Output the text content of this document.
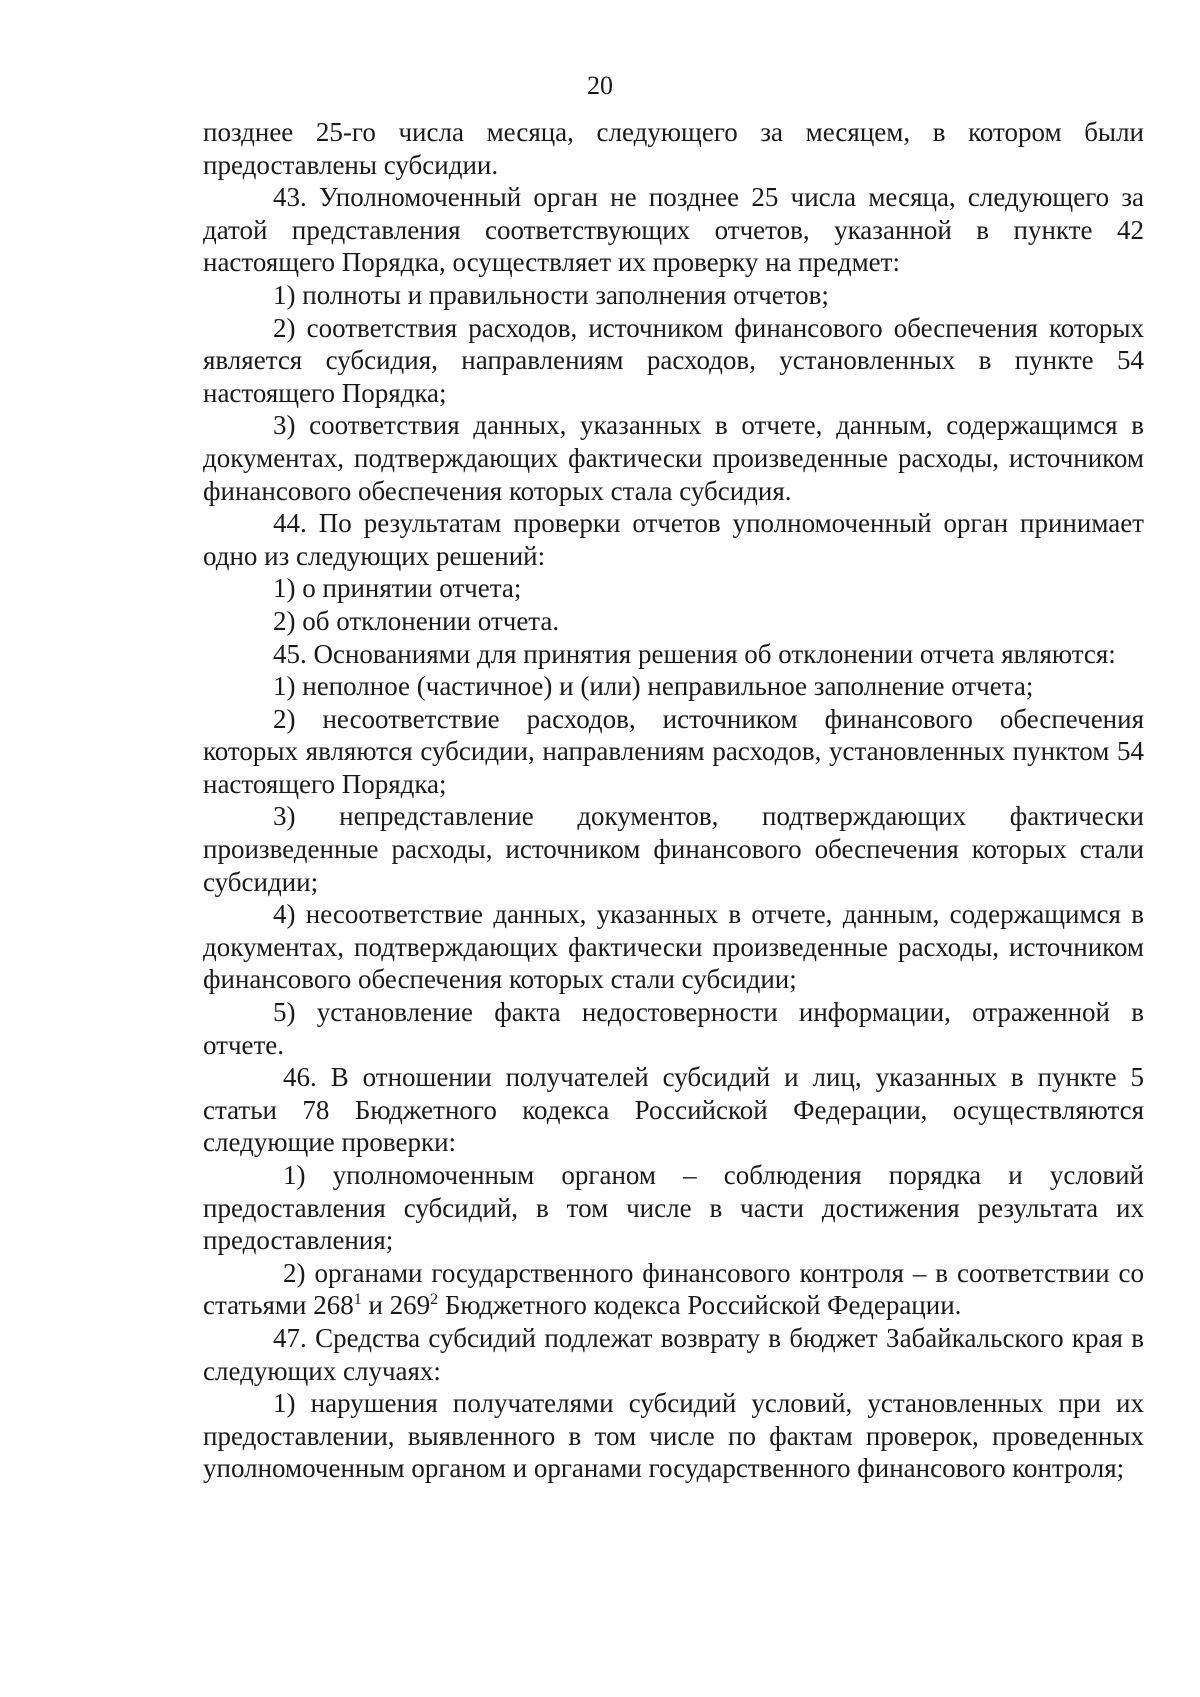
20

позднее 25-го числа месяца, следующего за месяцем, в котором были предоставлены субсидии.

43. Уполномоченный орган не позднее 25 числа месяца, следующего за датой представления соответствующих отчетов, указанной в пункте 42 настоящего Порядка, осуществляет их проверку на предмет:

1) полноты и правильности заполнения отчетов;

2) соответствия расходов, источником финансового обеспечения которых является субсидия, направлениям расходов, установленных в пункте 54 настоящего Порядка;

3) соответствия данных, указанных в отчете, данным, содержащимся в документах, подтверждающих фактически произведенные расходы, источником финансового обеспечения которых стала субсидия.

44. По результатам проверки отчетов уполномоченный орган принимает одно из следующих решений:

1) о принятии отчета;

2) об отклонении отчета.

45. Основаниями для принятия решения об отклонении отчета являются:

1) неполное (частичное) и (или) неправильное заполнение отчета;

2) несоответствие расходов, источником финансового обеспечения которых являются субсидии, направлениям расходов, установленных пунктом 54 настоящего Порядка;

3) непредставление документов, подтверждающих фактически произведенные расходы, источником финансового обеспечения которых стали субсидии;

4) несоответствие данных, указанных в отчете, данным, содержащимся в документах, подтверждающих фактически произведенные расходы, источником финансового обеспечения которых стали субсидии;

5) установление факта недостоверности информации, отраженной в отчете.

46. В отношении получателей субсидий и лиц, указанных в пункте 5 статьи 78 Бюджетного кодекса Российской Федерации, осуществляются следующие проверки:

1) уполномоченным органом – соблюдения порядка и условий предоставления субсидий, в том числе в части достижения результата их предоставления;

2) органами государственного финансового контроля – в соответствии со статьями $268^1$ и $269^2$ Бюджетного кодекса Российской Федерации.

47. Средства субсидий подлежат возврату в бюджет Забайкальского края в следующих случаях:

1) нарушения получателями субсидий условий, установленных при их предоставлении, выявленного в том числе по фактам проверок, проведенных уполномоченным органом и органами государственного финансового контроля;
